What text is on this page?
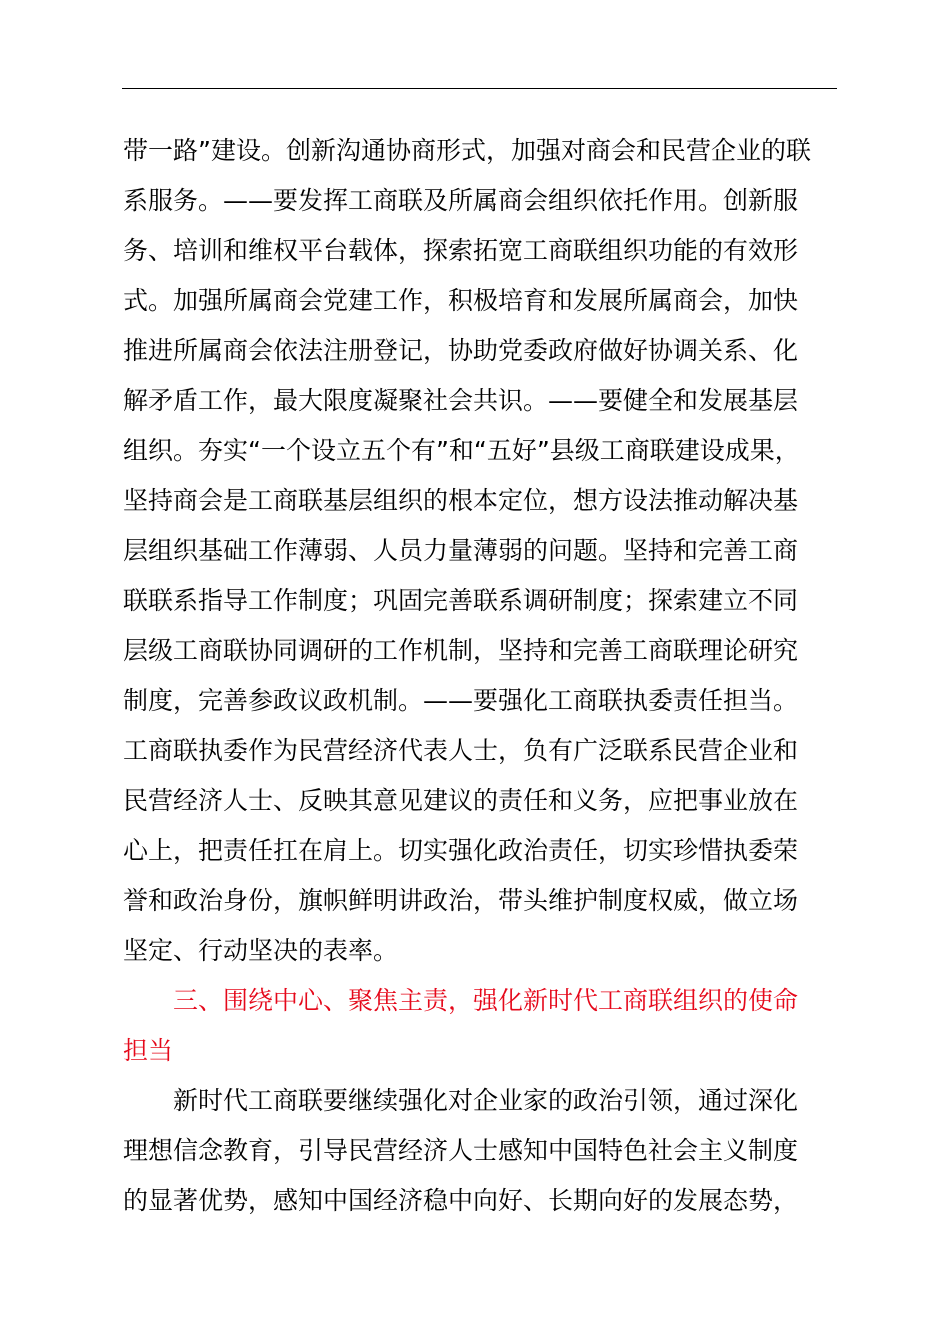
带一路”建设。创新沟通协商形式，加强对商会和民营企业的联
系服务。——要发挥工商联及所属商会组织依托作用。创新服
务、培训和维权平台载体，探索拓宽工商联组织功能的有效形
式。加强所属商会党建工作，积极培育和发展所属商会，加快
推进所属商会依法注册登记，协助党委政府做好协调关系、化
解矛盾工作，最大限度凝聚社会共识。——要健全和发展基层
组织。夯实“一个设立五个有”和“五好”县级工商联建设成果，
坚持商会是工商联基层组织的根本定位，想方设法推动解决基
层组织基础工作薄弱、人员力量薄弱的问题。坚持和完善工商
联联系指导工作制度；巩固完善联系调研制度；探索建立不同
层级工商联协同调研的工作机制，坚持和完善工商联理论研究
制度，完善参政议政机制。——要强化工商联执委责任担当。
工商联执委作为民营经济代表人士，负有广泛联系民营企业和
民营经济人士、反映其意见建议的责任和义务，应把事业放在
心上，把责任扛在肩上。切实强化政治责任，切实珍惜执委荣
誉和政治身份，旗帜鲜明讲政治，带头维护制度权威，做立场
坚定、行动坚决的表率。
三、围绕中心、聚焦主责，强化新时代工商联组织的使命
担当
新时代工商联要继续强化对企业家的政治引领，通过深化
理想信念教育，引导民营经济人士感知中国特色社会主义制度
的显著优势，感知中国经济稳中向好、长期向好的发展态势，
